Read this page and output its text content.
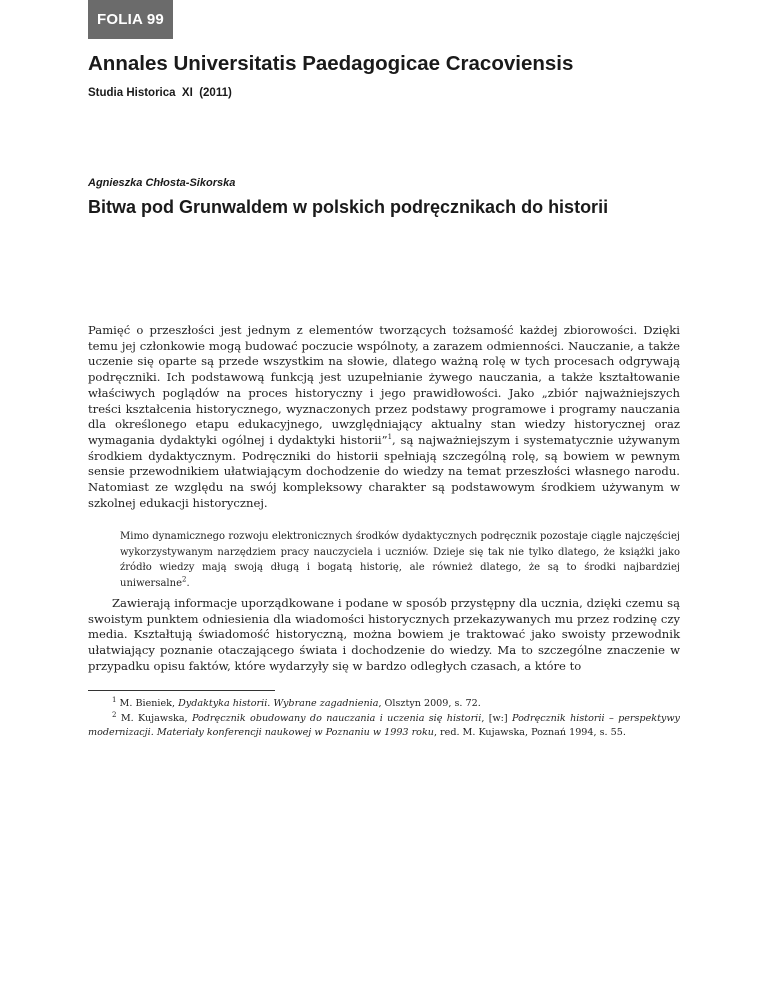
FOLIA 99
Annales Universitatis Paedagogicae Cracoviensis
Studia Historica  XI  (2011)
Agnieszka Chłosta-Sikorska
Bitwa pod Grunwaldem w polskich podręcznikach do historii
Pamięć o przeszłości jest jednym z elementów tworzących tożsamość każdej zbiorowości. Dzięki temu jej członkowie mogą budować poczucie wspólnoty, a zarazem odmienności. Nauczanie, a także uczenie się oparte są przede wszystkim na słowie, dlatego ważną rolę w tych procesach odgrywają podręczniki. Ich podstawową funkcją jest uzupełnianie żywego nauczania, a także kształtowanie właściwych poglądów na proces historyczny i jego prawidłowości. Jako „zbiór najważniejszych treści kształcenia historycznego, wyznaczonych przez podstawy programowe i programy nauczania dla określonego etapu edukacyjnego, uwzględniający aktualny stan wiedzy historycznej oraz wymagania dydaktyki ogólnej i dydaktyki historii”$^1$, są najważniejszym i systematycznie używanym środkiem dydaktycznym. Podręczniki do historii spełniają szczególną rolę, są bowiem w pewnym sensie przewodnikiem ułatwiającym dochodzenie do wiedzy na temat przeszłości własnego narodu. Natomiast ze względu na swój kompleksowy charakter są podstawowym środkiem używanym w szkolnej edukacji historycznej.
Mimo dynamicznego rozwoju elektronicznych środków dydaktycznych podręcznik pozostaje ciągle najczęściej wykorzystywanym narzędziem pracy nauczyciela i uczniów. Dzieje się tak nie tylko dlatego, że książki jako źródło wiedzy mają swoją długą i bogatą historię, ale również dlatego, że są to środki najbardziej uniwersalne$^2$.
Zawierają informacje uporządkowane i podane w sposób przystępny dla ucznia, dzięki czemu są swoistym punktem odniesienia dla wiadomości historycznych przekazywanych mu przez rodzinę czy media. Kształtują świadomość historyczną, można bowiem je traktować jako swoisty przewodnik ułatwiający poznanie otaczającego świata i dochodzenie do wiedzy. Ma to szczególne znaczenie w przypadku opisu faktów, które wydarzyły się w bardzo odległych czasach, a które to

$^1$ M. Bieniek, Dydaktyka historii. Wybrane zagadnienia, Olsztyn 2009, s. 72.

$^2$ M. Kujawska, Podręcznik obudowany do nauczania i uczenia się historii, [w:] Podręcznik historii – perspektywy modernizacji. Materiały konferencji naukowej w Poznaniu w 1993 roku, red. M. Kujawska, Poznań 1994, s. 55.
